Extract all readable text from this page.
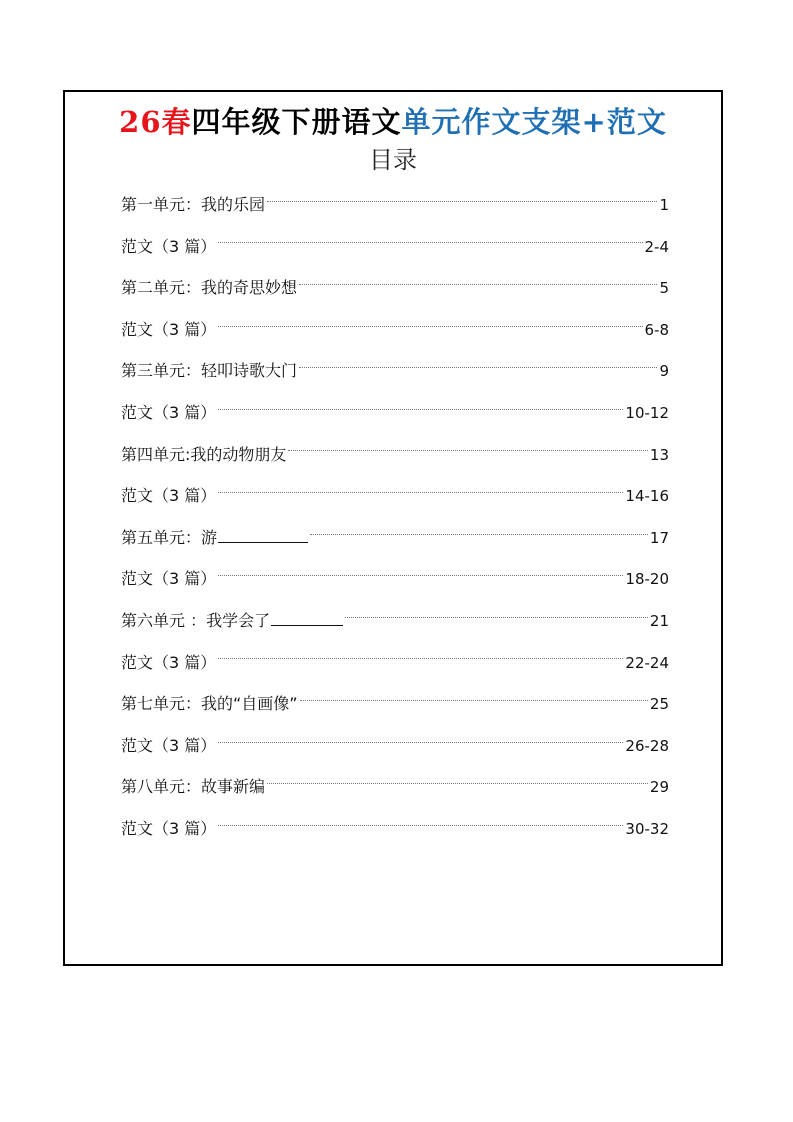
26春四年级下册语文单元作文支架+范文
目录
第一单元：我的乐园	1
范文（3 篇）	2-4
第二单元：我的奇思妙想	5
范文（3 篇）	6-8
第三单元：轻叩诗歌大门	9
范文（3 篇）	10-12
第四单元:我的动物朋友	13
范文（3 篇）	14-16
第五单元：游	17
范文（3 篇）	18-20
第六单元 ：我学会了	21
范文（3 篇）	22-24
第七单元：我的“自画像”	25
范文（3 篇）	26-28
第八单元：故事新编	29
范文（3 篇）	30-32
